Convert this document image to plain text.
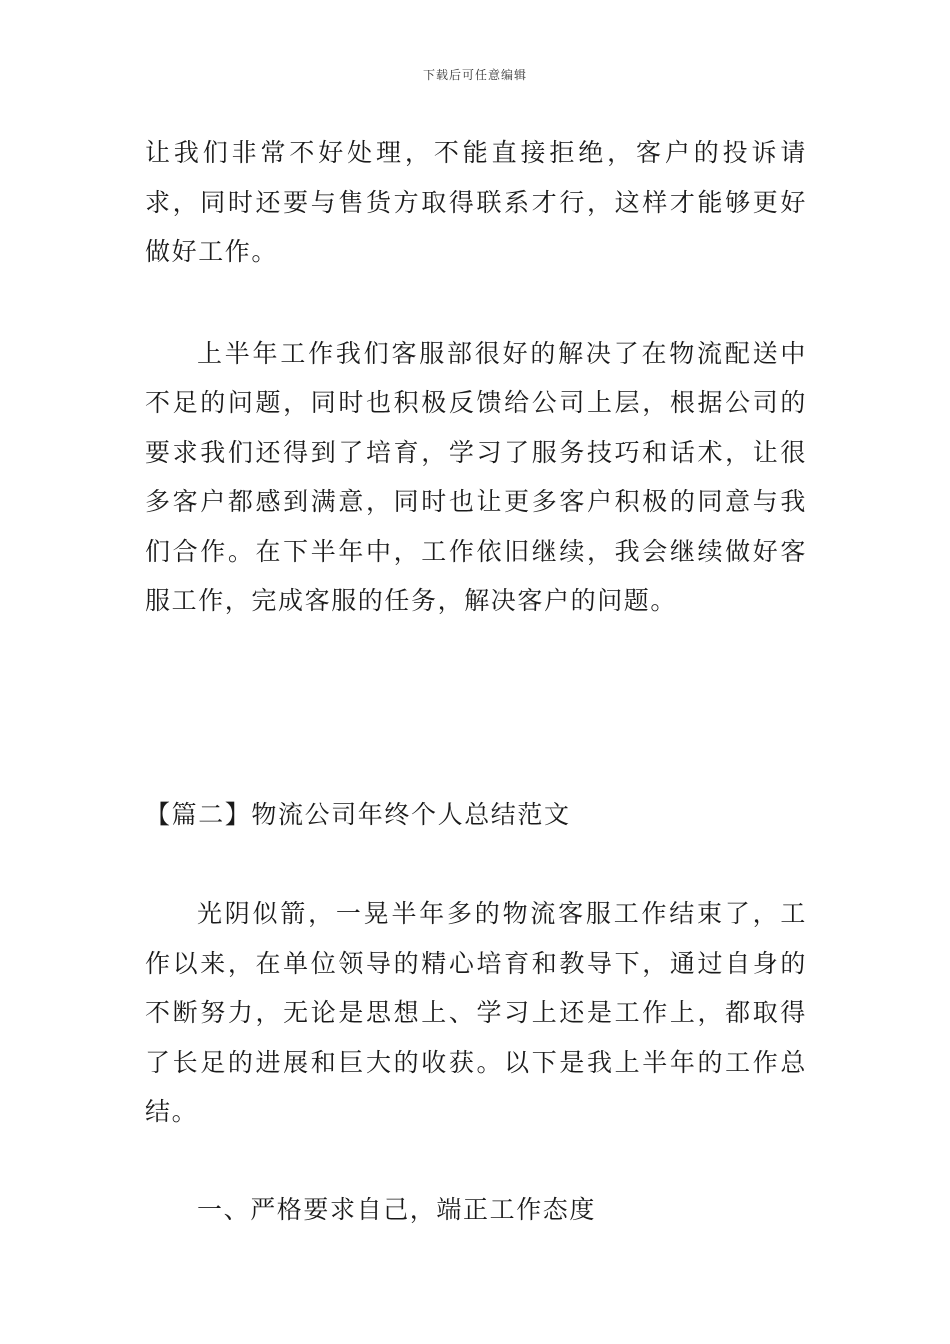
下载后可任意编辑

让我们非常不好处理，不能直接拒绝，客户的投诉请求，同时还要与售货方取得联系才行，这样才能够更好做好工作。

上半年工作我们客服部很好的解决了在物流配送中不足的问题，同时也积极反馈给公司上层，根据公司的要求我们还得到了培育，学习了服务技巧和话术，让很多客户都感到满意，同时也让更多客户积极的同意与我们合作。在下半年中，工作依旧继续，我会继续做好客服工作，完成客服的任务，解决客户的问题。

【篇二】物流公司年终个人总结范文

光阴似箭，一晃半年多的物流客服工作结束了，工作以来，在单位领导的精心培育和教导下，通过自身的不断努力，无论是思想上、学习上还是工作上，都取得了长足的进展和巨大的收获。以下是我上半年的工作总结。

一、严格要求自己，端正工作态度
